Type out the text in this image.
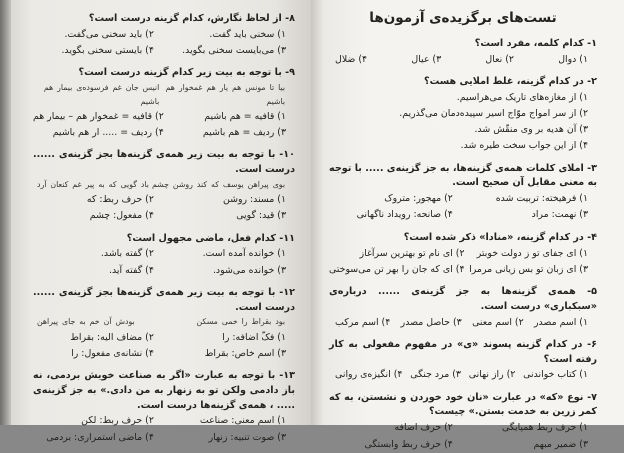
۸- از لحاظ نگارش، کدام گزینه درست است؟
۱) سخنی باید گفت.
۲) باید سخنی می‌گفت.
۳) می‌بایست سخنی بگوید.
۴) بایستی سخنی بگوید.
۹- با توجه به بیت زیر کدام گزینه درست است؟
بیا تا مونس هم یار هم غمخوار هم باشیم
انیس جان غم فرسوده‌ی بیمار هم باشیم
۱) قافیه = هم باشیم
۲) قافیه = غمخوار هم – بیمار هم
۳) ردیف = هم باشیم
۴) ردیف = ..... ار هم باشیم
۱۰- با توجه به بیت زیر همه‌ی گزینه‌ها بجز گزینه‌ی ...... درست است.
بوی پیراهن یوسف که کند روشن چشم
باد گویی که به پیر غم کنعان آرد
۱) مسند: روشن
۲) حرف ربط: که
۳) قید: گویی
۴) مفعول: چشم
۱۱- کدام فعل، ماضی مجهول است؟
۱) خوانده آمده است.
۲) گفته باشد.
۳) خوانده می‌شود.
۴) گفته آید.
۱۲- با توجه به بیت زیر همه‌ی گزینه‌ها بجز گزینه‌ی ...... درست است.
بود بقراط را خمی مسکن
بودش آن خم به جای پیراهن
۱) فکّ اضافه: را
۲) مضاف الیه: بقراط
۳) اسم خاص: بقراط
۴) نشانه‌ی مفعول: را
۱۳- با توجه به عبارت «اگر به صناعت خویش بردمی، نه باز دادمی ولکن تو به زنهار به من دادی.» به جز گزینه‌ی ..... ، همه‌ی گزینه‌ها درست است.
۱) اسم معنی: صناعت
۲) حرف ربط: لکن
۳) صوت تنبیه: زنهار
۴) ماضی استمراری: بردمی
تست‌های برگزیده‌ی آزمون‌ها
۱- کدام کلمه، مفرد است؟
۱) دوال
۲) نعال
۳) عیال
۴) ضلال
۲- در کدام گزینه، غلط املایی هست؟
۱) از مغازه‌های تاریک می‌هراسیم.
۲) از سر امواج موّاج اسیر سپیده‌دمان می‌گذریم.
۳) آن هدیه بر وی منقّش شد.
۴) از این جواب سخت طیره شد.
۳- املای کلمات همه‌ی گزینه‌ها، به جز گزینه‌ی ..... با توجه به معنی مقابل آن صحیح است.
۱) فرهیخته: تربیت شده
۲) مهجور: متروک
۳) نهمت: مراد
۴) صانحه: رویداد ناگهانی
۴- در کدام گزینه، «منادا» ذکر شده است؟
۱) ای جفای تو ز دولت خوبتر
۲) ای نام تو بهترین سرآغاز
۳) ای زبان تو بس زیانی مرمرا
۴) ای که جان را بهر تن می‌سوختی
۵- همه‌ی گزینه‌ها به جز گزینه‌ی ...... درباره‌ی «سبکباری» درست است.
۱) اسم مصدر
۲) اسم معنی
۳) حاصل مصدر
۴) اسم مرکب
۶- در کدام گزینه پسوند «ی» در مفهوم مفعولی به کار رفته است؟
۱) کتاب خواندنی
۲) راز نهانی
۳) مرد جنگی
۴) انگیزه‌ی روانی
۷- نوع «که» در عبارت «نان خود خوردن و نشستن، به که کمر زرین به خدمت بستن.» چیست؟
۱) حرف ربط همپایگی
۲) حرف اضافه
۳) ضمیر مبهم
۴) حرف ربط وابستگی
